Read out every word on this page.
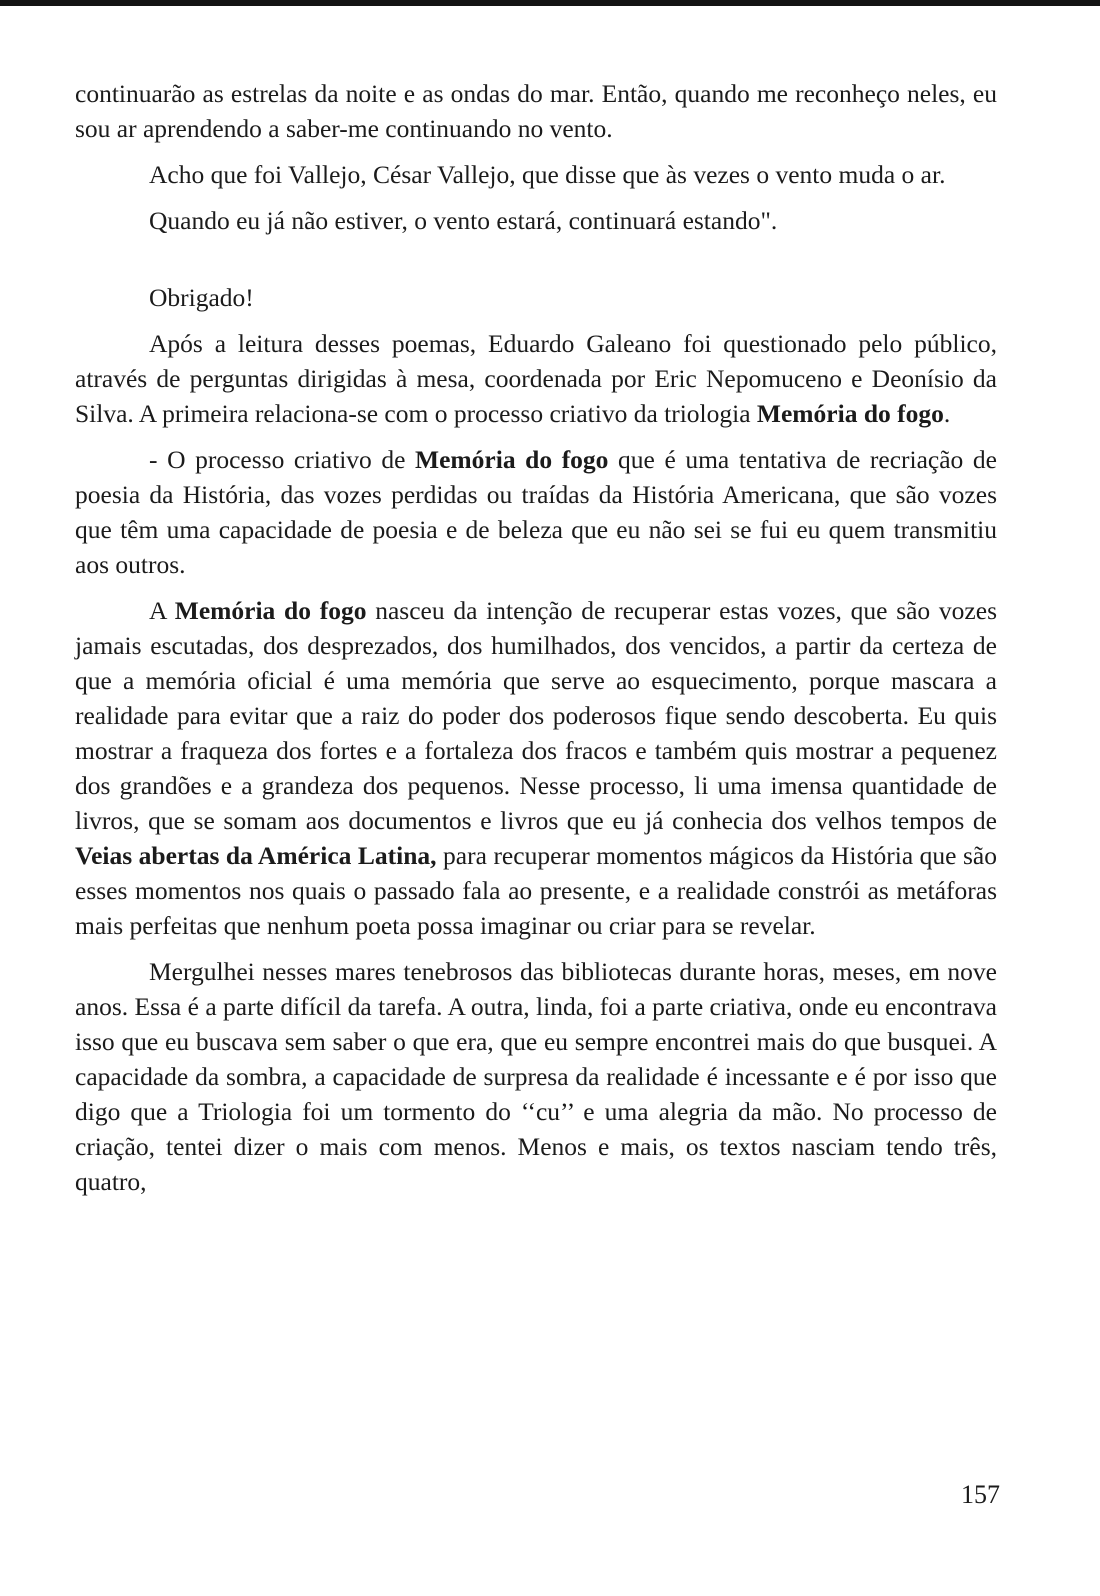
continuarão as estrelas da noite e as ondas do mar. Então, quando me reconheço neles, eu sou ar aprendendo a saber-me continuando no vento.

Acho que foi Vallejo, César Vallejo, que disse que às vezes o vento muda o ar.

Quando eu já não estiver, o vento estará, continuará estando".

Obrigado!

Após a leitura desses poemas, Eduardo Galeano foi questionado pelo público, através de perguntas dirigidas à mesa, coordenada por Eric Nepomuceno e Deonísio da Silva. A primeira relaciona-se com o processo criativo da triologia Memória do fogo.

- O processo criativo de Memória do fogo que é uma tentativa de recriação de poesia da História, das vozes perdidas ou traídas da História Americana, que são vozes que têm uma capacidade de poesia e de beleza que eu não sei se fui eu quem transmitiu aos outros.

A Memória do fogo nasceu da intenção de recuperar estas vozes, que são vozes jamais escutadas, dos desprezados, dos humilhados, dos vencidos, a partir da certeza de que a memória oficial é uma memória que serve ao esquecimento, porque mascara a realidade para evitar que a raiz do poder dos poderosos fique sendo descoberta. Eu quis mostrar a fraqueza dos fortes e a fortaleza dos fracos e também quis mostrar a pequenez dos grandões e a grandeza dos pequenos. Nesse processo, li uma imensa quantidade de livros, que se somam aos documentos e livros que eu já conhecia dos velhos tempos de Veias abertas da América Latina, para recuperar momentos mágicos da História que são esses momentos nos quais o passado fala ao presente, e a realidade constrói as metáforas mais perfeitas que nenhum poeta possa imaginar ou criar para se revelar.

Mergulhei nesses mares tenebrosos das bibliotecas durante horas, meses, em nove anos. Essa é a parte difícil da tarefa. A outra, linda, foi a parte criativa, onde eu encontrava isso que eu buscava sem saber o que era, que eu sempre encontrei mais do que busquei. A capacidade da sombra, a capacidade de surpresa da realidade é incessante e é por isso que digo que a Triologia foi um tormento do ‘‘cu’’ e uma alegria da mão. No processo de criação, tentei dizer o mais com menos. Menos e mais, os textos nasciam tendo três, quatro,

157
